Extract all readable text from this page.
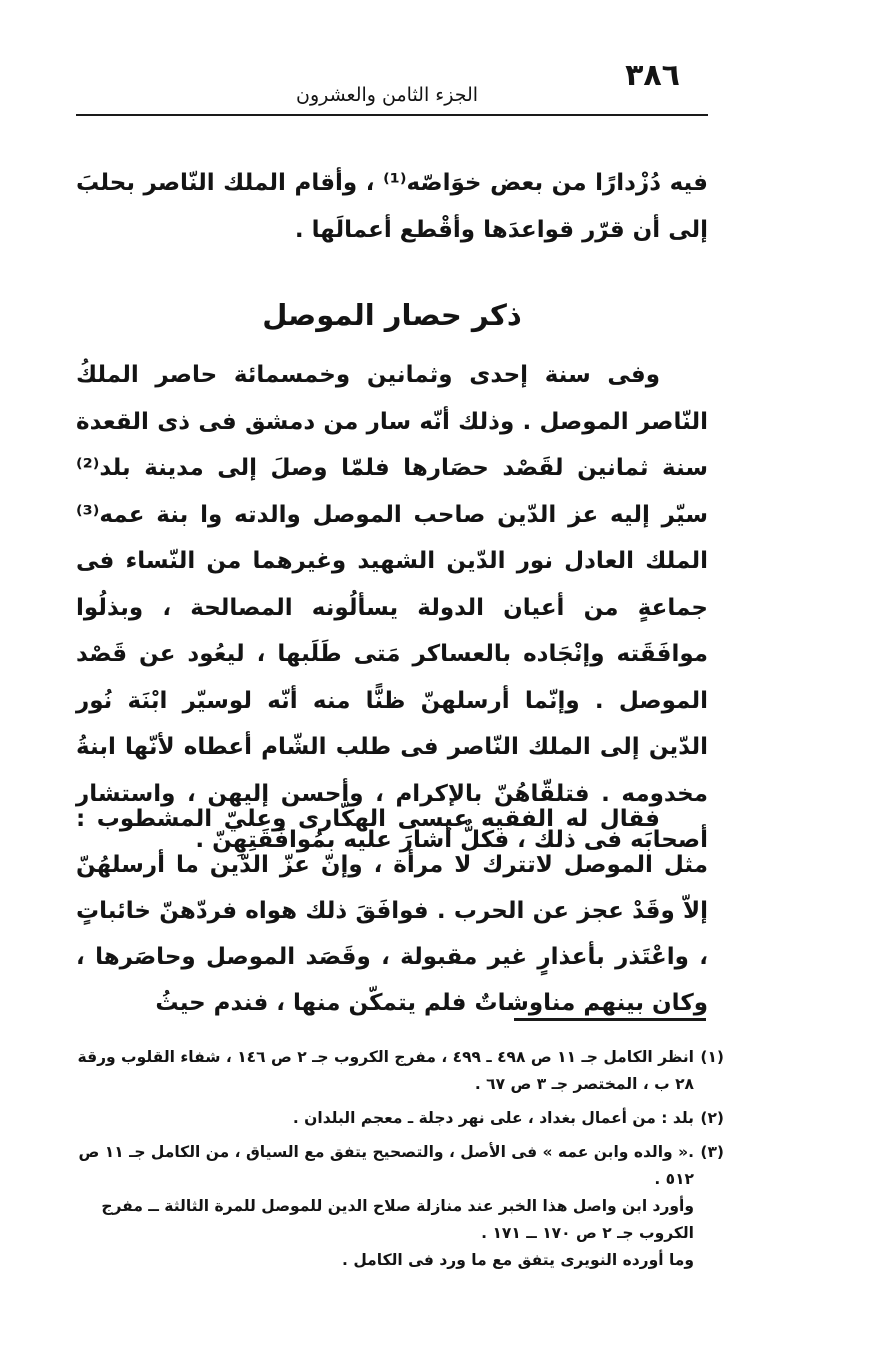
٣٨٦
الجزء الثامن والعشرون

فيه دُزْدارًا من بعض خوَاصّه⁽¹⁾ ، وأقام الملك النّاصر بحلبَ إلى أن قرّر قواعدَها وأقْطع أعمالَها .

ذكر حصار الموصل

وفى سنة إحدى وثمانين وخمسمائة حاصر الملكُ النّاصر الموصل . وذلك أنّه سار من دمشق فى ذى القعدة سنة ثمانين لقَصْد حصَارها فلمّا وصلَ إلى مدينة بلد⁽²⁾ سيّر إليه عز الدّين صاحب الموصل والدته وا بنة عمه⁽³⁾الملك العادل نور الدّين الشهيد وغيرهما من النّساء فى جماعةٍ من أعيان الدولة يسألُونه المصالحة ، وبذلُوا موافَقَته وإنْجَاده بالعساكر مَتى طَلَبها ، ليعُود عن قَصْد الموصل . وإنّما أرسلهنّ ظنًّا منه أنّه لوسيّر ابْنَة نُور الدّين إلى الملك النّاصر فى طلب الشّام أعطاه لأنّها ابنةُ مخدومه . فتلقّاهُنّ بالإكرام ، وأحسن إليهن ، واستشار أصحابَه فى ذلك ، فكلٌّ أشارَ عليه بمُوافَقَتِهِنّ .

فقال له الفقيه عيسى الهكّارى وعليّ المشطوب : مثل الموصل لاتترك لا مرأة ، وإنّ عزّ الدّين ما أرسلهُنّ إلاّ وقَدْ عجز عن الحرب . فوافَقَ ذلك هواه فردّهنّ خائباتٍ ، واعْتَذر بأعذارٍ غير مقبولة ، وقَصَد الموصل وحاصَرها ، وكان بينهم مناوشاتٌ فلم يتمكّن منها ، فندم حيثُ

(١)

انظر الكامل جـ ١١ ص ٤٩٨ ـ ٤٩٩ ، مفرج الكروب جـ ٢ ص ١٤٦ ، شفاء القلوب ورقة ٢٨ ب ، المختصر جـ ٣ ص ٦٧ .

(٢)

بلد : من أعمال بغداد ، على نهر دجلة ـ معجم البلدان .

(٣)

.« والده وابن عمه » فى الأصل ، والتصحيح يتفق مع السياق ، من الكامل جـ ١١ ص ٥١٢ .

وأورد ابن واصل هذا الخبر عند منازلة صلاح الدين للموصل للمرة الثالثة ــ مفرج الكروب جـ ٢ ص ١٧٠ ــ ١٧١ .

وما أورده النويرى يتفق مع ما ورد فى الكامل .
